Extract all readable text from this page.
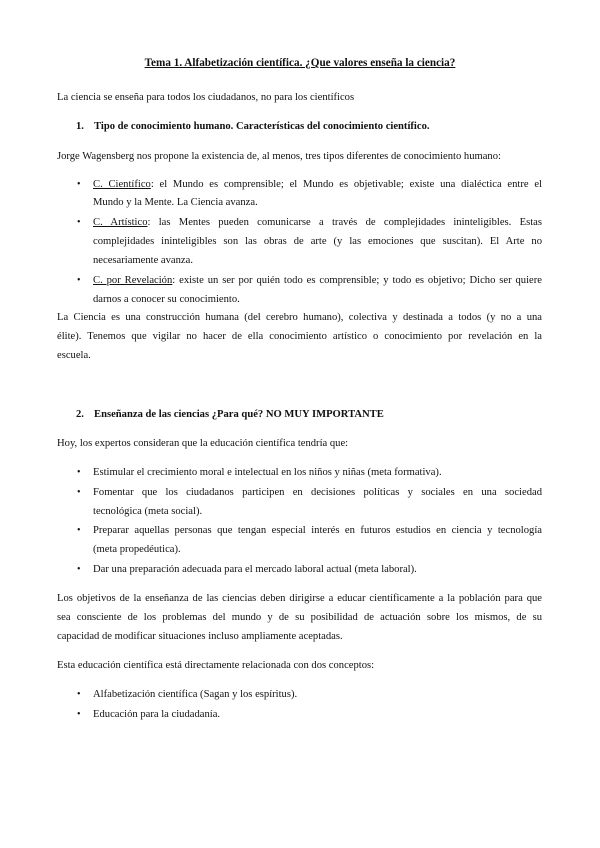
Tema 1. Alfabetización científica. ¿Que valores enseña la ciencia?
La ciencia se enseña para todos los ciudadanos, no para los científicos
1. Tipo de conocimiento humano. Características del conocimiento científico.
Jorge Wagensberg nos propone la existencia de, al menos, tres tipos diferentes de conocimiento humano:
• C. Científico: el Mundo es comprensible; el Mundo es objetivable; existe una dialéctica entre el
Mundo y la Mente. La Ciencia avanza.
• C. Artístico: las Mentes pueden comunicarse a través de complejidades ininteligibles. Estas
complejidades ininteligibles son las obras de arte (y las emociones que suscitan). El Arte no
necesariamente avanza.
• C. por Revelación: existe un ser por quién todo es comprensible; y todo es objetivo; Dicho ser quiere
darnos a conocer su conocimiento.
La Ciencia es una construcción humana (del cerebro humano), colectiva y destinada a todos (y no a una
élite). Tenemos que vigilar no hacer de ella conocimiento artístico o conocimiento por revelación en la
escuela.
2. Enseñanza de las ciencias ¿Para qué? NO MUY IMPORTANTE
Hoy, los expertos consideran que la educación científica tendría que:
• Estimular el crecimiento moral e intelectual en los niños y niñas (meta formativa).
• Fomentar que los ciudadanos participen en decisiones políticas y sociales en una sociedad
tecnológica (meta social).
• Preparar aquellas personas que tengan especial interés en futuros estudios en ciencia y tecnología
(meta propedéutica).
• Dar una preparación adecuada para el mercado laboral actual (meta laboral).
Los objetivos de la enseñanza de las ciencias deben dirigirse a educar científicamente a la población para que
sea consciente de los problemas del mundo y de su posibilidad de actuación sobre los mismos, de su
capacidad de modificar situaciones incluso ampliamente aceptadas.
Esta educación científica está directamente relacionada con dos conceptos:
• Alfabetización científica (Sagan y los espíritus).
• Educación para la ciudadanía.
